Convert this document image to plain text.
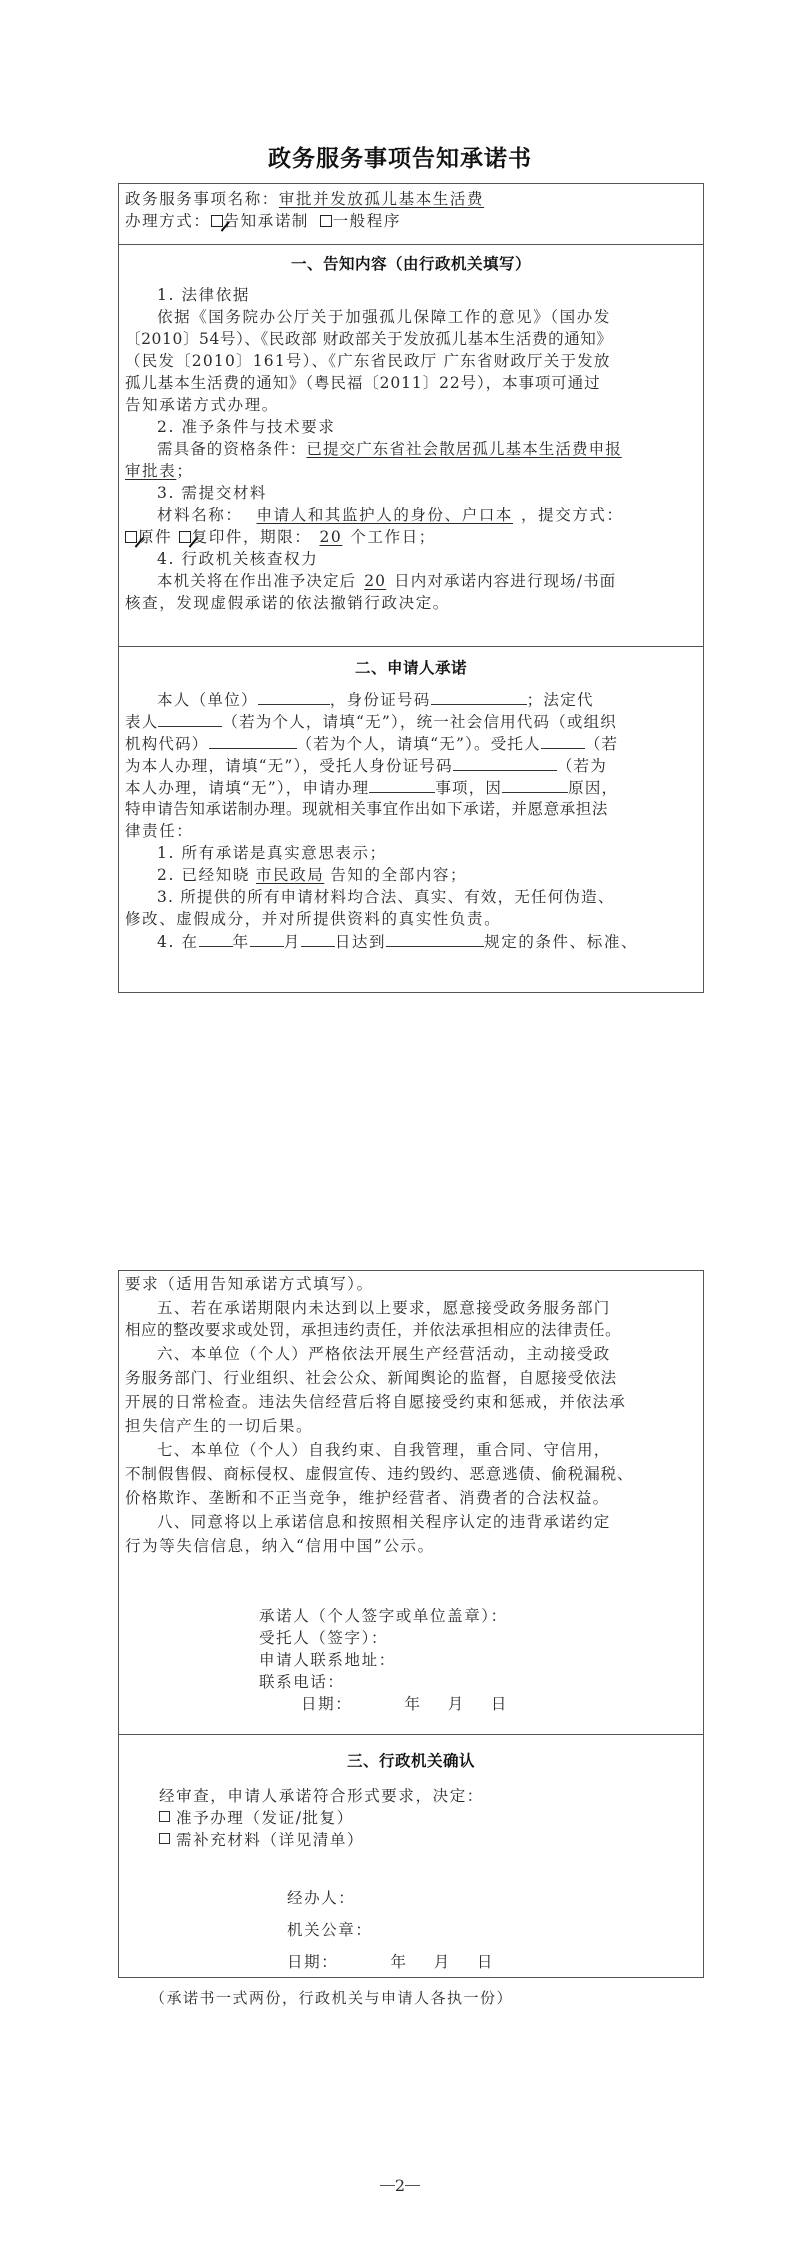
政务服务事项告知承诺书
政务服务事项名称：审批并发放孤儿基本生活费
办理方式： 告知承诺制 一般程序
一、告知内容（由行政机关填写）
1. 法律依据
依据《国务院办公厅关于加强孤儿保障工作的意见》（国办发
〔2010〕54号）、《民政部 财政部关于发放孤儿基本生活费的通知》
（民发〔2010〕161号）、《广东省民政厅 广东省财政厅关于发放
孤儿基本生活费的通知》（粤民福〔2011〕22号），本事项可通过
告知承诺方式办理。
2. 准予条件与技术要求
需具备的资格条件：已提交广东省社会散居孤儿基本生活费申报
审批表；
3. 需提交材料
材料名称： 申请人和其监护人的身份、户口本 ，提交方式：
原件 复印件，期限： 20 个工作日；
4. 行政机关核查权力
本机关将在作出准予决定后 20 日内对承诺内容进行现场/书面
核查，发现虚假承诺的依法撤销行政决定。
二、申请人承诺
本人（单位）	，身份证号码	；法定代
表人	（若为个人，请填“无”），统一社会信用代码（或组织
机构代码）	（若为个人，请填“无”）。受托人	（若
为本人办理，请填“无”），受托人身份证号码	（若为
本人办理，请填“无”），申请办理	事项，因	原因，
特申请告知承诺制办理。现就相关事宜作出如下承诺，并愿意承担法
律责任：
1. 所有承诺是真实意思表示；
2. 已经知晓 市民政局 告知的全部内容；
3. 所提供的所有申请材料均合法、真实、有效，无任何伪造、
修改、虚假成分，并对所提供资料的真实性负责。
4. 在 年 月 日达到	规定的条件、标准、
要求（适用告知承诺方式填写）。
五、若在承诺期限内未达到以上要求，愿意接受政务服务部门
相应的整改要求或处罚，承担违约责任，并依法承担相应的法律责任。
六、本单位（个人）严格依法开展生产经营活动，主动接受政
务服务部门、行业组织、社会公众、新闻舆论的监督，自愿接受依法
开展的日常检查。违法失信经营后将自愿接受约束和惩戒，并依法承
担失信产生的一切后果。
七、本单位（个人）自我约束、自我管理，重合同、守信用，
不制假售假、商标侵权、虚假宣传、违约毁约、恶意逃债、偷税漏税、
价格欺诈、垄断和不正当竞争，维护经营者、消费者的合法权益。
八、同意将以上承诺信息和按照相关程序认定的违背承诺约定
行为等失信信息，纳入“信用中国”公示。
承诺人（个人签字或单位盖章）：
受托人（签字）：
申请人联系地址：
联系电话：
日期：        年    月    日
三、行政机关确认
经审查，申请人承诺符合形式要求，决定：
准予办理（发证/批复）
需补充材料（详见清单）
经办人：
机关公章：
日期：        年    月    日
（承诺书一式两份，行政机关与申请人各执一份）
2
